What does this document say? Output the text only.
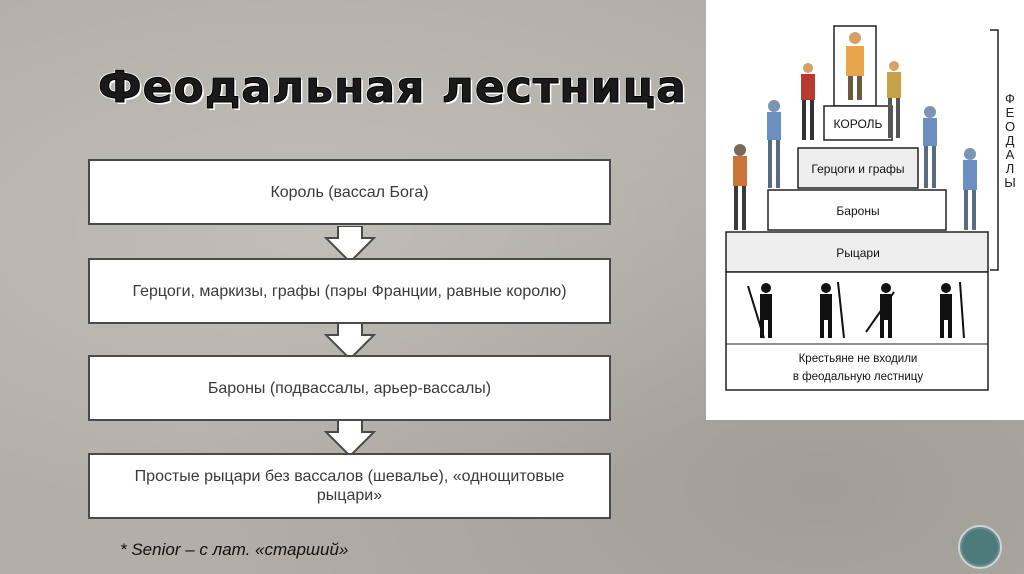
Феодальная лестница
Король (вассал Бога)
Герцоги, маркизы, графы (пэры Франции, равные королю)
Бароны (подвассалы, арьер-вассалы)
Простые рыцари без вассалов (шевалье), «однощитовые рыцари»
* Senior – с лат. «старший»
КОРОЛЬ
Герцоги и графы
Бароны
Рыцари
Крестьяне не входили
в феодальную лестницу
ФЕОДАЛЫ
